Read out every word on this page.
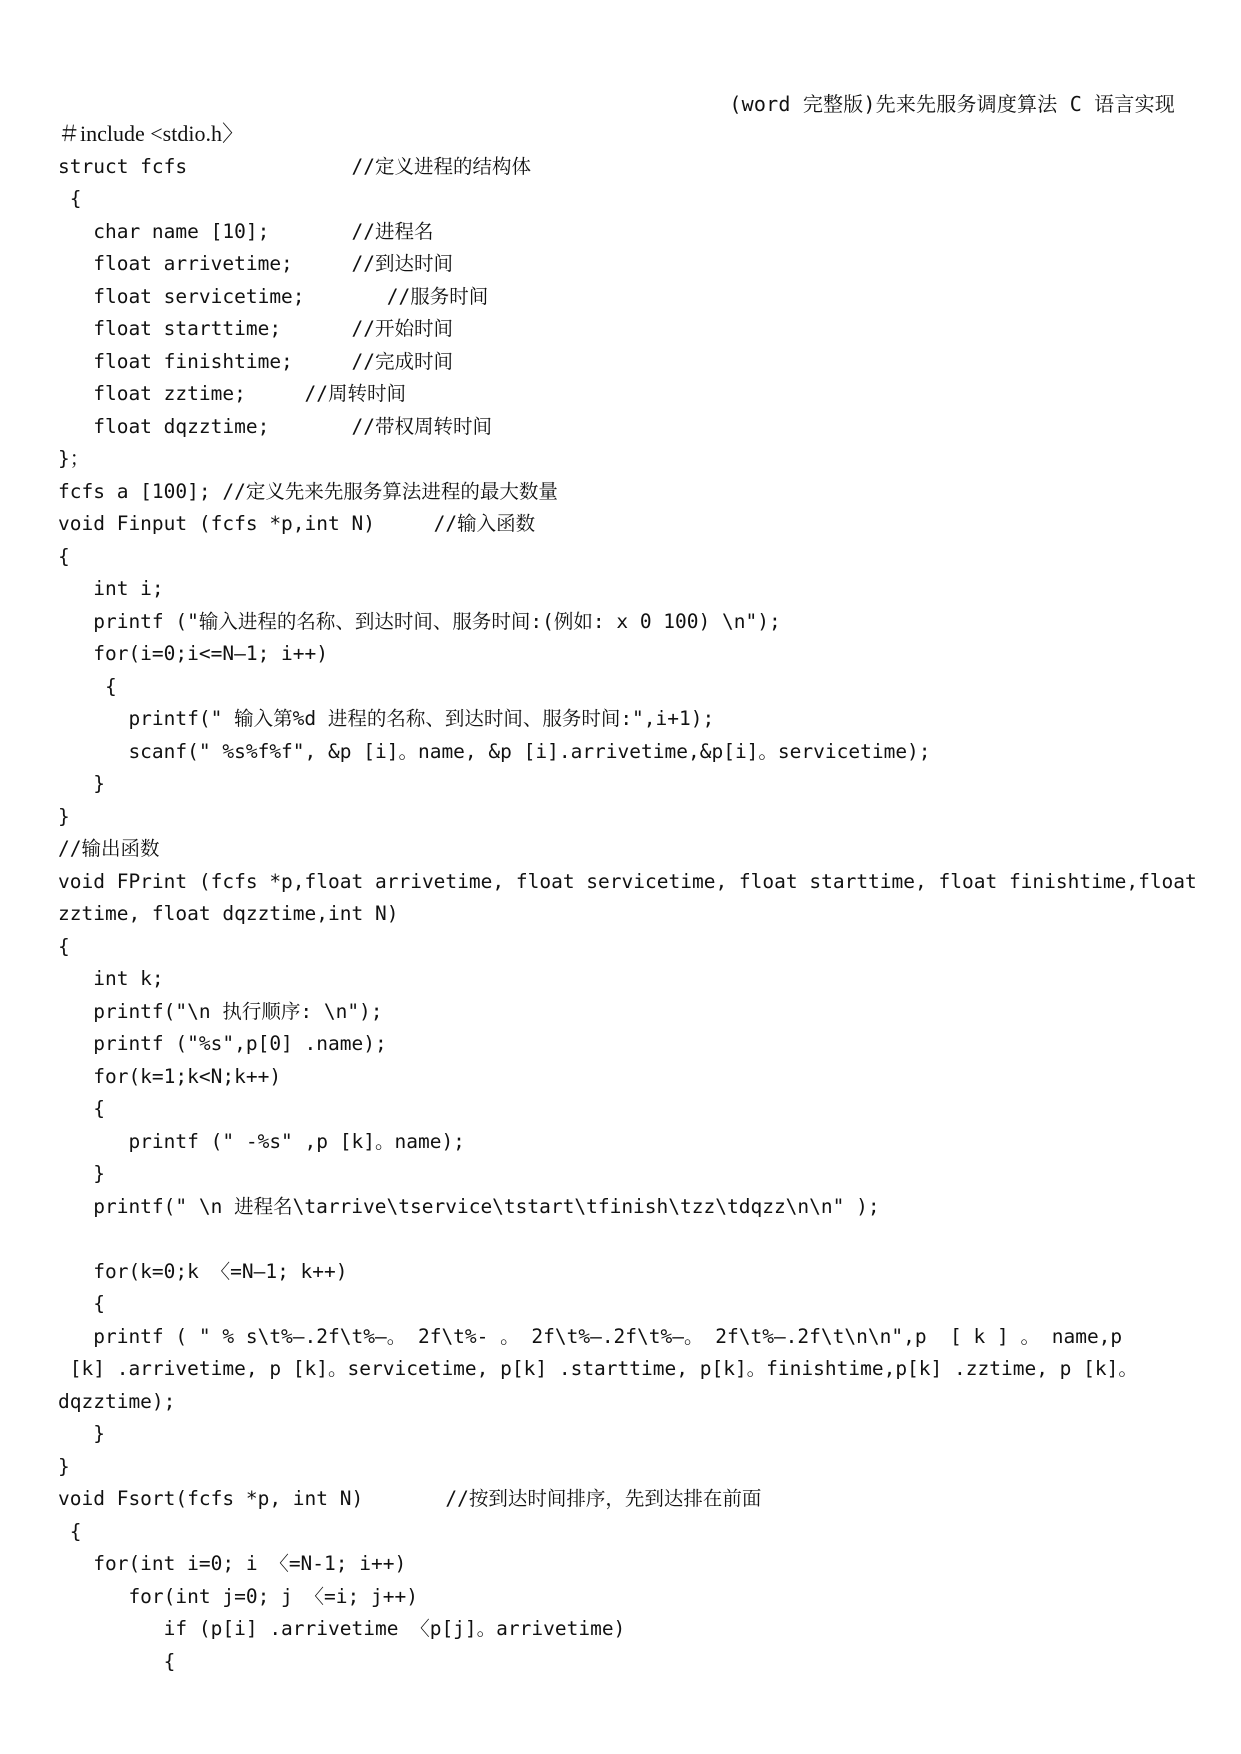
(word 完整版)先来先服务调度算法 C 语言实现
＃include <stdio.h〉
struct fcfs              //定义进程的结构体
{
char name [10];       //进程名
float arrivetime;     //到达时间
float servicetime;       //服务时间
float starttime;      //开始时间
float finishtime;     //完成时间
float zztime;     //周转时间
float dqzztime;       //带权周转时间
}；
fcfs a [100]; //定义先来先服务算法进程的最大数量
void Finput (fcfs *p,int N)     //输入函数
{
int i;
printf ("输入进程的名称、到达时间、服务时间:(例如: x 0 100) \n");
for(i=0;i<=N—1; i++)
{
printf(" 输入第%d 进程的名称、到达时间、服务时间:",i+1);
scanf(" %s%f%f", &p [i]。name, &p [i].arrivetime,&p[i]。servicetime);
}
}
//输出函数
void FPrint (fcfs *p,float arrivetime, float servicetime, float starttime, float finishtime,float
zztime, float dqzztime,int N)
{
int k;
printf("\n 执行顺序: \n");
printf ("%s",p[0] .name);
for(k=1;k<N;k++)
{
printf (" -%s" ,p [k]。name);
}
printf(" \n 进程名\tarrive\tservice\tstart\tfinish\tzz\tdqzz\n\n" );
for(k=0;k 〈=N—1; k++)
{
printf ( " % s\t%—.2f\t%—。 2f\t%- 。 2f\t%—.2f\t%—。 2f\t%—.2f\t\n\n",p  [ k ] 。 name,p
[k] .arrivetime, p [k]。servicetime, p[k] .starttime, p[k]。finishtime,p[k] .zztime, p [k]。
dqzztime);
}
}
void Fsort(fcfs *p, int N)       //按到达时间排序，先到达排在前面
{
for(int i=0; i 〈=N-1; i++)
for(int j=0; j 〈=i; j++)
if (p[i] .arrivetime 〈p[j]。arrivetime)
{
